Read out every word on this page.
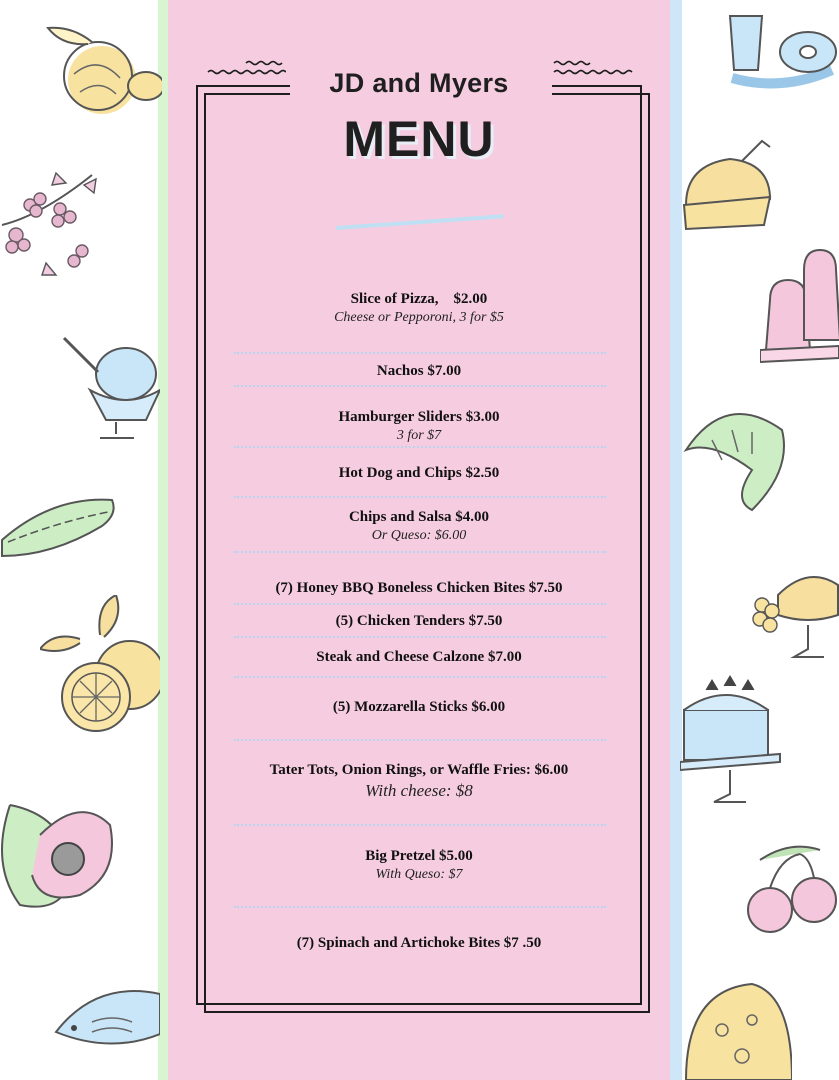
JD and Myers
MENU
Slice of Pizza,    $2.00
Cheese or Pepporoni, 3 for $5
Nachos $7.00
Hamburger Sliders $3.00
3 for $7
Hot Dog and Chips $2.50
Chips and Salsa $4.00
Or Queso: $6.00
(7) Honey BBQ Boneless Chicken Bites $7.50
(5) Chicken Tenders $7.50
Steak and Cheese Calzone $7.00
(5) Mozzarella Sticks $6.00
Tater Tots, Onion Rings, or Waffle Fries: $6.00
With cheese: $8
Big Pretzel $5.00
With Queso: $7
(7) Spinach and Artichoke Bites $7 .50
